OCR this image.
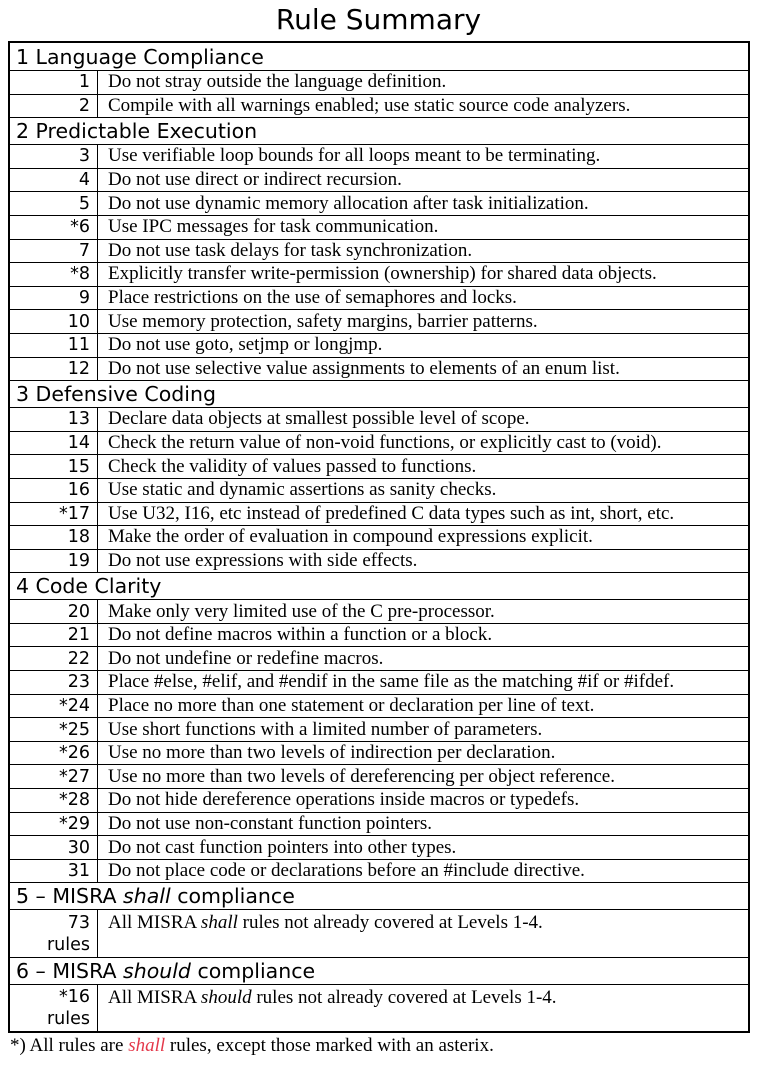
Rule Summary
1 Language Compliance
1 Do not stray outside the language definition.
2 Compile with all warnings enabled; use static source code analyzers.
2 Predictable Execution
3 Use verifiable loop bounds for all loops meant to be terminating.
4 Do not use direct or indirect recursion.
5 Do not use dynamic memory allocation after task initialization.
*6 Use IPC messages for task communication.
7 Do not use task delays for task synchronization.
*8 Explicitly transfer write-permission (ownership) for shared data objects.
9 Place restrictions on the use of semaphores and locks.
10 Use memory protection, safety margins, barrier patterns.
11 Do not use goto, setjmp or longjmp.
12 Do not use selective value assignments to elements of an enum list.
3 Defensive Coding
13 Declare data objects at smallest possible level of scope.
14 Check the return value of non-void functions, or explicitly cast to (void).
15 Check the validity of values passed to functions.
16 Use static and dynamic assertions as sanity checks.
*17 Use U32, I16, etc instead of predefined C data types such as int, short, etc.
18 Make the order of evaluation in compound expressions explicit.
19 Do not use expressions with side effects.
4 Code Clarity
20 Make only very limited use of the C pre-processor.
21 Do not define macros within a function or a block.
22 Do not undefine or redefine macros.
23 Place #else, #elif, and #endif in the same file as the matching #if or #ifdef.
*24 Place no more than one statement or declaration per line of text.
*25 Use short functions with a limited number of parameters.
*26 Use no more than two levels of indirection per declaration.
*27 Use no more than two levels of dereferencing per object reference.
*28 Do not hide dereference operations inside macros or typedefs.
*29 Do not use non-constant function pointers.
30 Do not cast function pointers into other types.
31 Do not place code or declarations before an #include directive.
5 – MISRA shall compliance
73
rules
All MISRA shall rules not already covered at Levels 1-4.
6 – MISRA should compliance
*16
rules
All MISRA should rules not already covered at Levels 1-4.

*) All rules are shall rules, except those marked with an asterix.
